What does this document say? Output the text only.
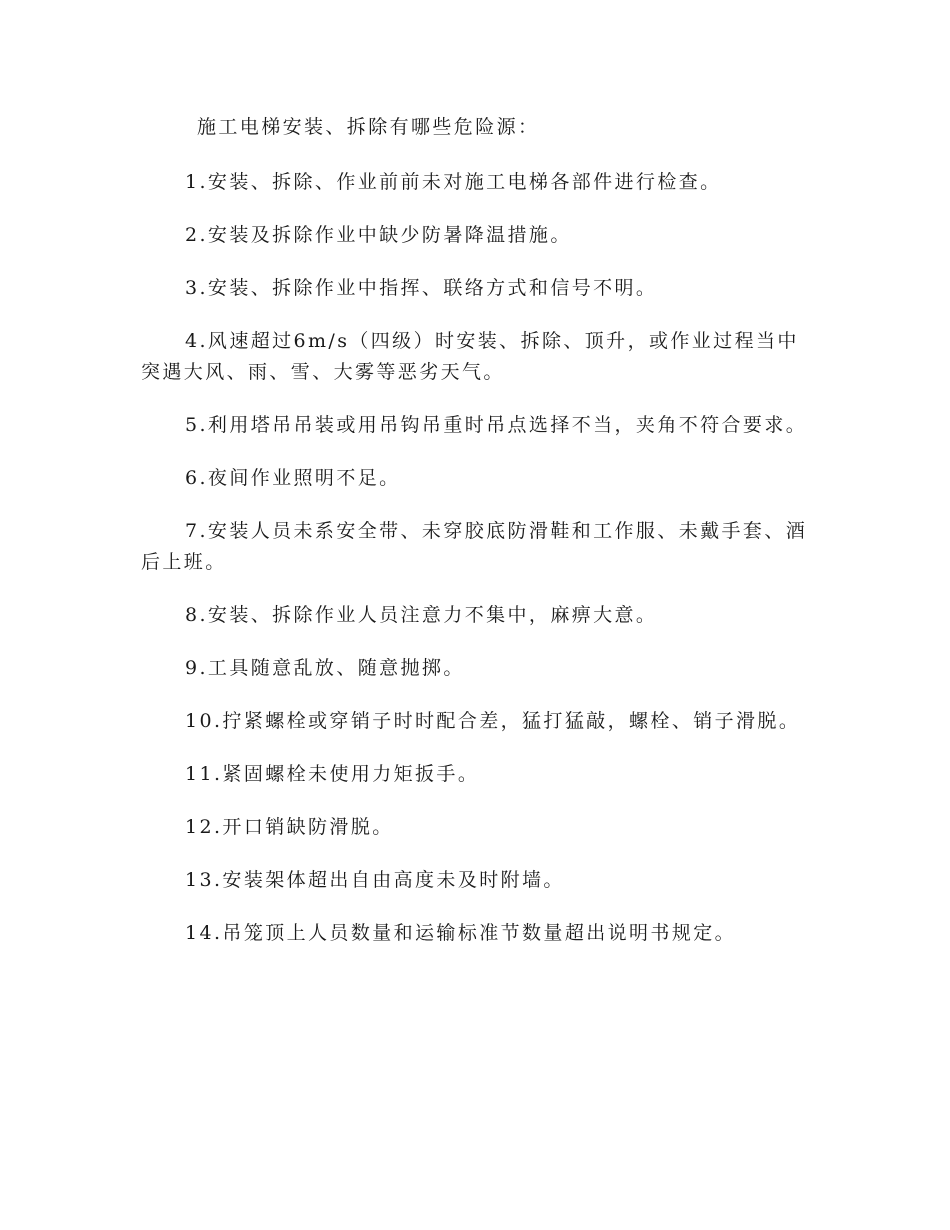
施工电梯安装、拆除有哪些危险源：

1.安装、拆除、作业前前未对施工电梯各部件进行检查。

2.安装及拆除作业中缺少防暑降温措施。

3.安装、拆除作业中指挥、联络方式和信号不明。

4.风速超过6m/s（四级）时安装、拆除、顶升，或作业过程当中突遇大风、雨、雪、大雾等恶劣天气。

5.利用塔吊吊装或用吊钩吊重时吊点选择不当，夹角不符合要求。

6.夜间作业照明不足。

7.安装人员未系安全带、未穿胶底防滑鞋和工作服、未戴手套、酒后上班。

8.安装、拆除作业人员注意力不集中，麻痹大意。

9.工具随意乱放、随意抛掷。

10.拧紧螺栓或穿销子时时配合差，猛打猛敲，螺栓、销子滑脱。

11.紧固螺栓未使用力矩扳手。

12.开口销缺防滑脱。

13.安装架体超出自由高度未及时附墙。

14.吊笼顶上人员数量和运输标准节数量超出说明书规定。
